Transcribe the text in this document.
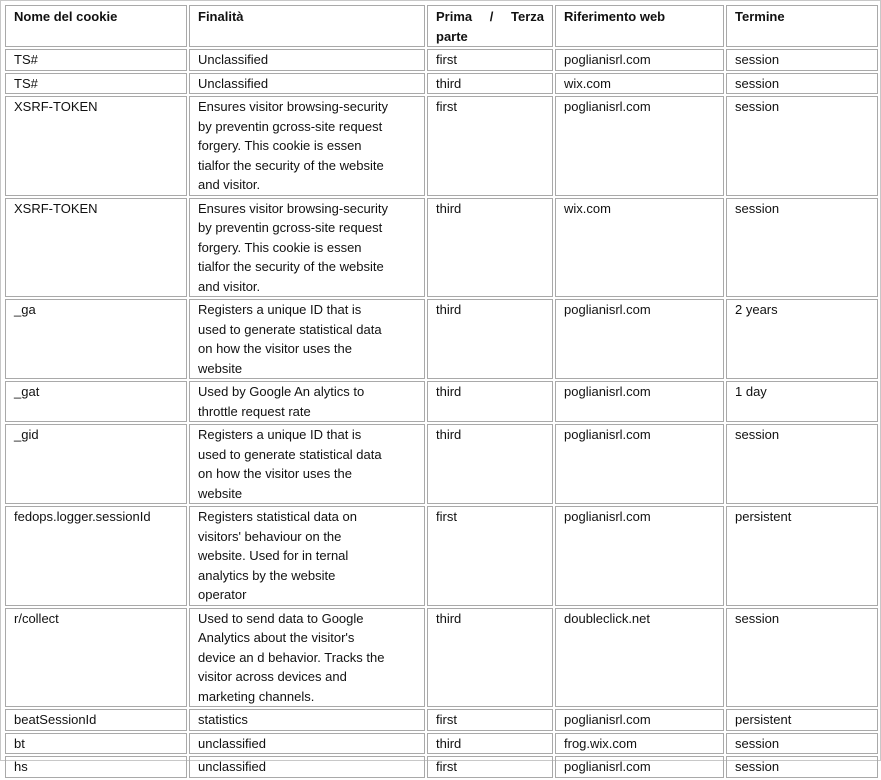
Nome del cookie	Finalità	Prima / Terza
parte	Riferimento web	Termine
TS#	Unclassified	first	poglianisrl.com	session
TS#	Unclassified	third	wix.com	session
XSRF-TOKEN	Ensures visitor browsing-security
by preventin gcross-site request
forgery. This cookie is essen
tialfor the security of the website
and visitor.	first	poglianisrl.com	session
XSRF-TOKEN	Ensures visitor browsing-security
by preventin gcross-site request
forgery. This cookie is essen
tialfor the security of the website
and visitor.	third	wix.com	session
_ga	Registers a unique ID that is
used to generate statistical data
on how the visitor uses the
website	third	poglianisrl.com	2 years
_gat	Used by Google An alytics to
throttle request rate	third	poglianisrl.com	1 day
_gid	Registers a unique ID that is
used to generate statistical data
on how the visitor uses the
website	third	poglianisrl.com	session
fedops.logger.sessionId	Registers statistical data on
visitors' behaviour on the
website. Used for in ternal
analytics by the website
operator	first	poglianisrl.com	persistent
r/collect	Used to send data to Google
Analytics about the visitor's
device an d behavior. Tracks the
visitor across devices and
marketing channels.	third	doubleclick.net	session
beatSessionId	statistics	first	poglianisrl.com	persistent
bt	unclassified	third	frog.wix.com	session
hs	unclassified	first	poglianisrl.com	session
